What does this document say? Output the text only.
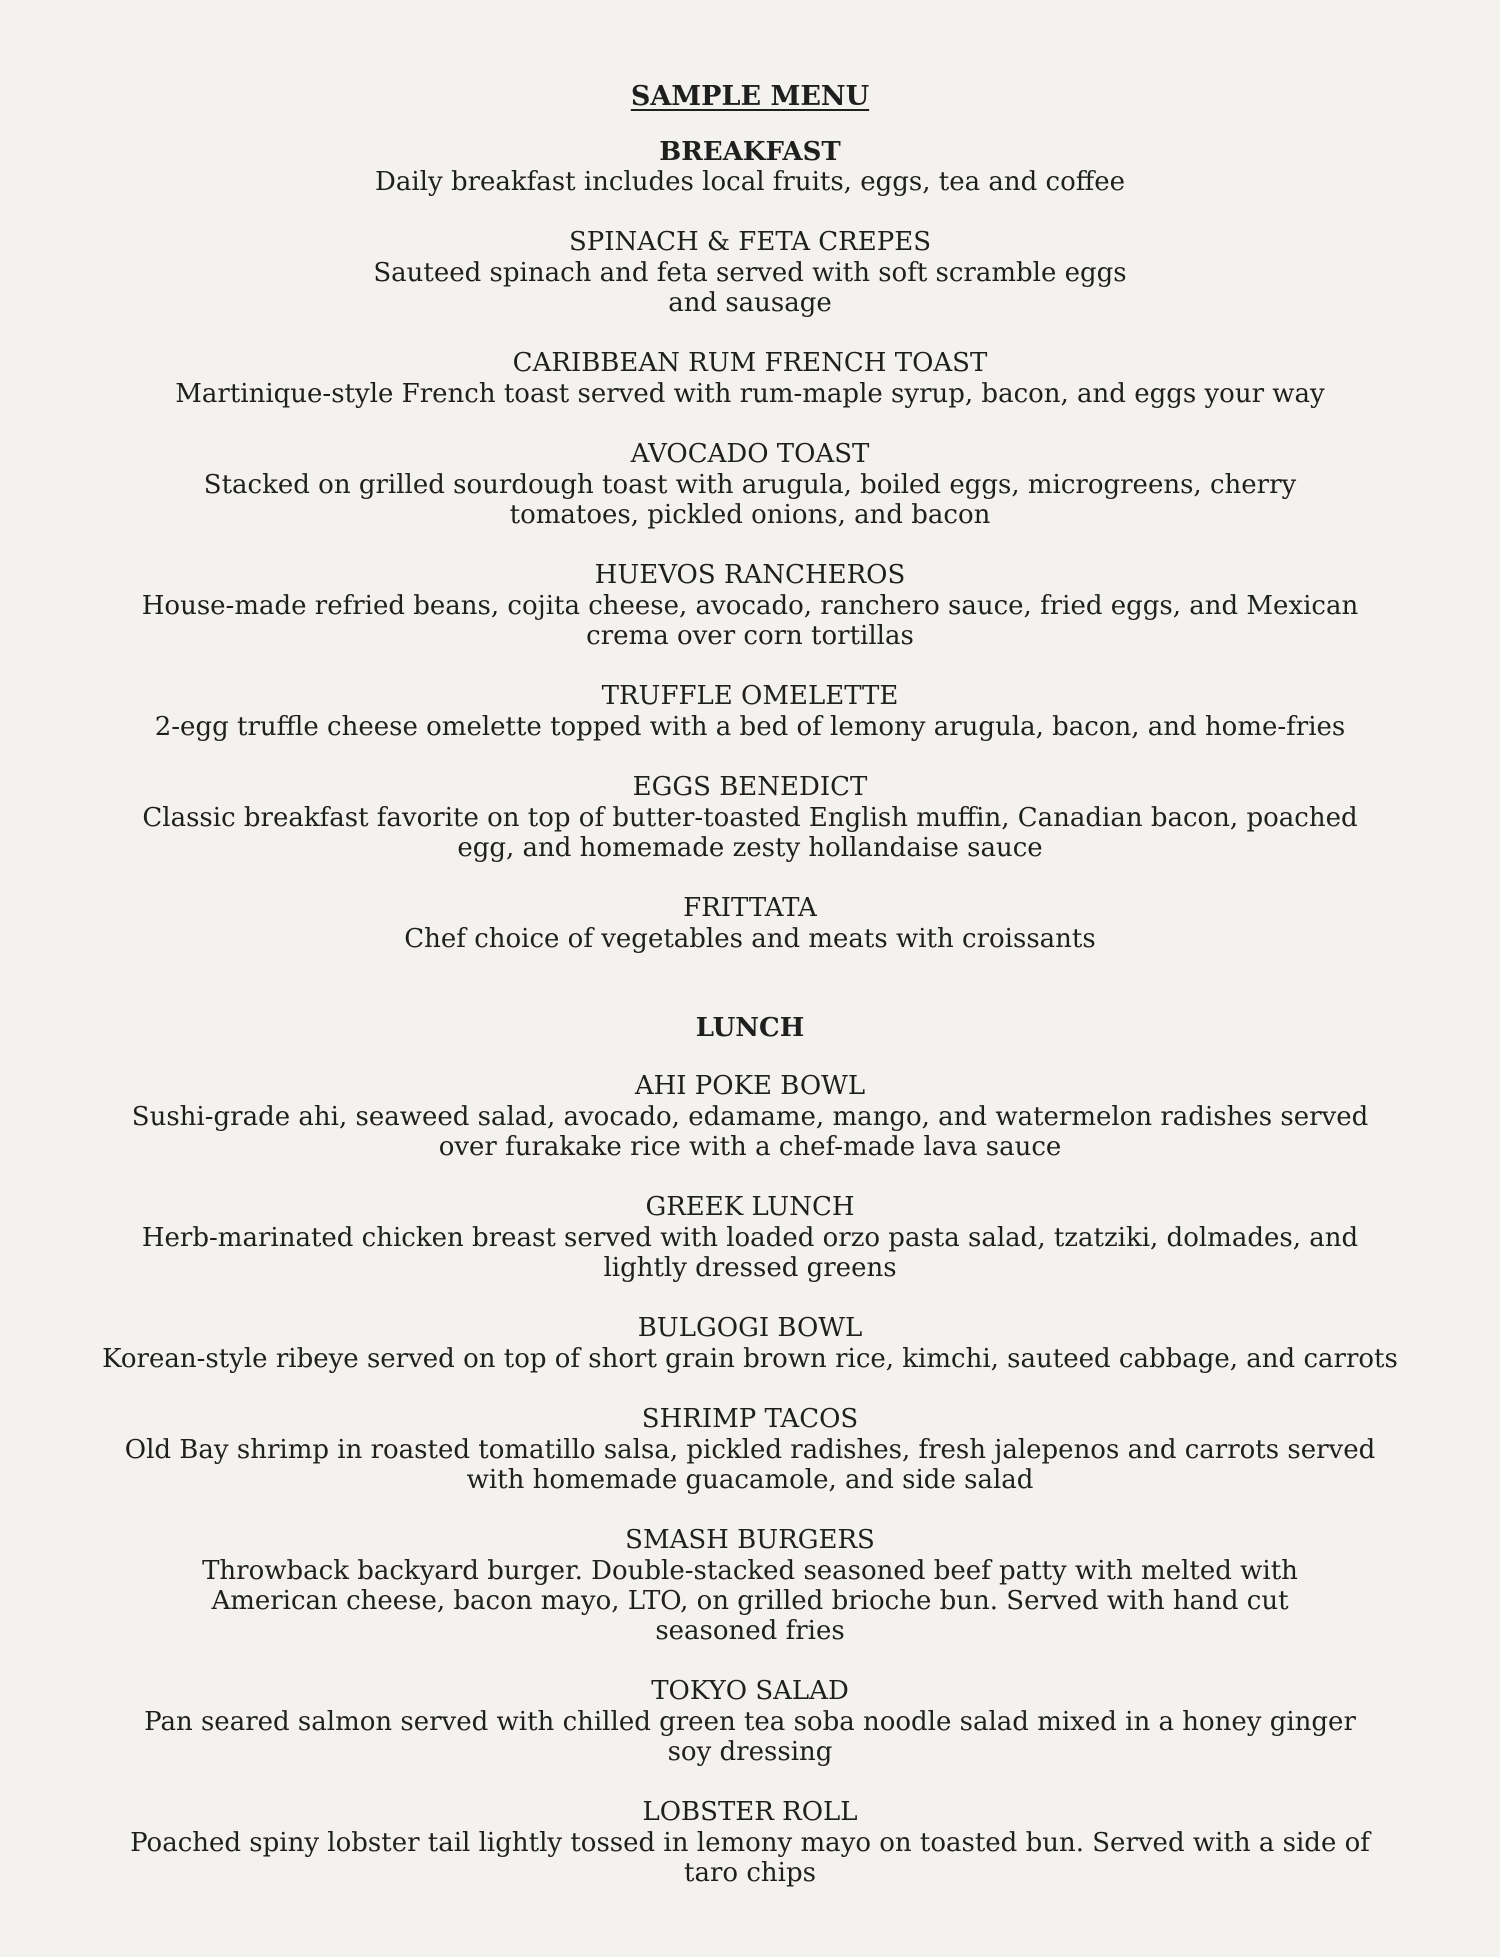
SAMPLE MENU
BREAKFAST
Daily breakfast includes local fruits, eggs, tea and coffee
SPINACH & FETA CREPES
Sauteed spinach and feta served with soft scramble eggs and sausage
CARIBBEAN RUM FRENCH TOAST
Martinique-style French toast served with rum-maple syrup, bacon, and eggs your way
AVOCADO TOAST
Stacked on grilled sourdough toast with arugula, boiled eggs, microgreens, cherry tomatoes, pickled onions, and bacon
HUEVOS RANCHEROS
House-made refried beans, cojita cheese, avocado, ranchero sauce, fried eggs, and Mexican crema over corn tortillas
TRUFFLE OMELETTE
2-egg truffle cheese omelette topped with a bed of lemony arugula, bacon, and home-fries
EGGS BENEDICT
Classic breakfast favorite on top of butter-toasted English muffin, Canadian bacon, poached egg, and homemade zesty hollandaise sauce
FRITTATA
Chef choice of vegetables and meats with croissants
LUNCH
AHI POKE BOWL
Sushi-grade ahi, seaweed salad, avocado, edamame, mango, and watermelon radishes served over furakake rice with a chef-made lava sauce
GREEK LUNCH
Herb-marinated chicken breast served with loaded orzo pasta salad, tzatziki, dolmades, and lightly dressed greens
BULGOGI BOWL
Korean-style ribeye served on top of short grain brown rice, kimchi, sauteed cabbage, and carrots
SHRIMP TACOS
Old Bay shrimp in roasted tomatillo salsa, pickled radishes, fresh jalepenos and carrots served with homemade guacamole, and side salad
SMASH BURGERS
Throwback backyard burger. Double-stacked seasoned beef patty with melted with American cheese, bacon mayo, LTO, on grilled brioche bun. Served with hand cut seasoned fries
TOKYO SALAD
Pan seared salmon served with chilled green tea soba noodle salad mixed in a honey ginger soy dressing
LOBSTER ROLL
Poached spiny lobster tail lightly tossed in lemony mayo on toasted bun. Served with a side of taro chips
